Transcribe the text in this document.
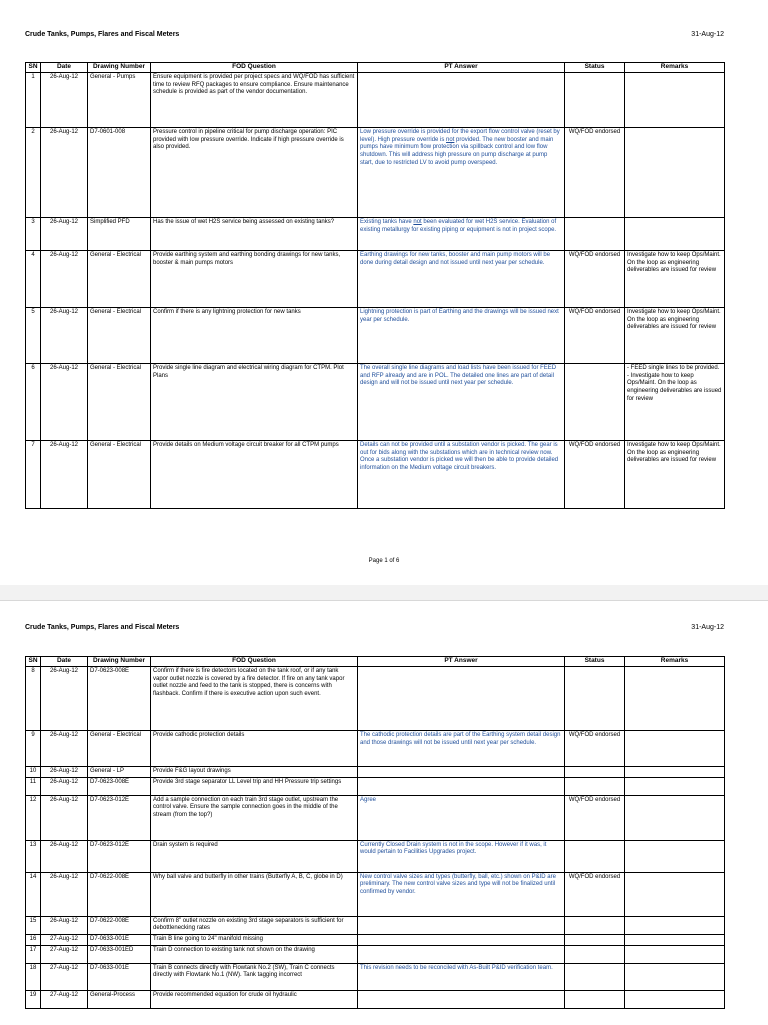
Crude Tanks, Pumps, Flares and Fiscal Meters	31-Aug-12
SN	Date	Drawing Number	FOD Question	PT Answer	Status	Remarks
1	26-Aug-12	General - Pumps	Ensure equipment is provided per project specs and WQ/FOD has sufficient time to review RFQ packages to ensure compliance. Ensure maintenance schedule is provided as part of the vendor documentation.			
2	26-Aug-12	D7-0601-008	Pressure control in pipeline critical for pump discharge operation: PIC provided with low pressure override. Indicate if high pressure override is also provided.	Low pressure override is provided for the export flow control valve (reset by level). High pressure override is not provided. The new booster and main pumps have minimum flow protection via spillback control and low flow shutdown. This will address high pressure on pump discharge at pump start, due to restricted LV to avoid pump overspeed.	WQ/FOD endorsed	
3	26-Aug-12	Simplified PFD	Has the issue of wet H2S service being assessed on existing tanks?	Existing tanks have not been evaluated for wet H2S service. Evaluation of existing metallurgy for existing piping or equipment is not in project scope.		
4	26-Aug-12	General - Electrical	Provide earthing system and earthing bonding drawings for new tanks, booster & main pumps motors	Earthing drawings for new tanks, booster and main pump motors will be done during detail design and not issued until next year per schedule.	WQ/FOD endorsed	Investigate how to keep Ops/Maint. On the loop as engineering deliverables are issued for review
5	26-Aug-12	General - Electrical	Confirm if there is any lightning protection for new tanks	Lightning protection is part of Earthing and the drawings will be issued next year per schedule.	WQ/FOD endorsed	Investigate how to keep Ops/Maint. On the loop as engineering deliverables are issued for review
6	26-Aug-12	General - Electrical	Provide single line diagram and electrical wiring diagram for CTPM. Plot Plans	The overall single line diagrams and load lists have been issued for FEED and RFP already and are in POL. The detailed one lines are part of detail design and will not be issued until next year per schedule.		- FEED single lines to be provided.
- Investigate how to keep Ops/Maint. On the loop as engineering deliverables are issued for review
7	26-Aug-12	General - Electrical	Provide details on Medium voltage circuit breaker for all CTPM pumps	Details can not be provided until a substation vendor is picked. The gear is out for bids along with the substations which are in technical review now. Once a substation vendor is picked we will then be able to provide detailed information on the Medium voltage circuit breakers.	WQ/FOD endorsed	Investigate how to keep Ops/Maint. On the loop as engineering deliverables are issued for review
Page 1 of 6
Crude Tanks, Pumps, Flares and Fiscal Meters	31-Aug-12
SN	Date	Drawing Number	FOD Question	PT Answer	Status	Remarks
8	26-Aug-12	D7-0623-008E	Confirm if there is fire detectors located on the tank roof, or if any tank vapor outlet nozzle is covered by a fire detector. If fire on any tank vapor outlet nozzle and feed to the tank is stopped, there is concerns with flashback. Confirm if there is executive action upon such event.			
9	26-Aug-12	General - Electrical	Provide cathodic protection details	The cathodic protection details are part of the Earthing system detail design and those drawings will not be issued until next year per schedule.	WQ/FOD endorsed	
10	26-Aug-12	General - LP	Provide F&G layout drawings			
11	26-Aug-12	D7-0623-008E	Provide 3rd stage separator LL Level trip and HH Pressure trip settings			
12	26-Aug-12	D7-0623-012E	Add a sample connection on each train 3rd stage outlet, upstream the control valve. Ensure the sample connection goes in the middle of the stream (from the top?)	Agree	WQ/FOD endorsed	
13	26-Aug-12	D7-0623-012E	Drain system is required	Currently Closed Drain system is not in the scope. However if it was, it would pertain to Facilities Upgrades project.		
14	26-Aug-12	D7-0622-008E	Why ball valve and butterfly in other trains (Butterfly A, B, C, globe in D)	New control valve sizes and types (butterfly, ball, etc.) shown on P&ID are preliminary. The new control valve sizes and type will not be finalized until confirmed by vendor.	WQ/FOD endorsed	
15	26-Aug-12	D7-0622-008E	Confirm 8" outlet nozzle on existing 3rd stage separators is sufficient for debottlenecking rates			
16	27-Aug-12	D7-0633-001E	Train B line going to 24" manifold missing			
17	27-Aug-12	D7-0633-001ED	Train D connection to existing tank not shown on the drawing			
18	27-Aug-12	D7-0633-001E	Train B connects directly with Flowtank No.2 (SW), Train C connects directly with Flowtank No.1 (NW). Tank tagging incorrect	This revision needs to be reconciled with As-Built P&ID verification team.		
19	27-Aug-12	General-Process	Provide recommended equation for crude oil hydraulic			
